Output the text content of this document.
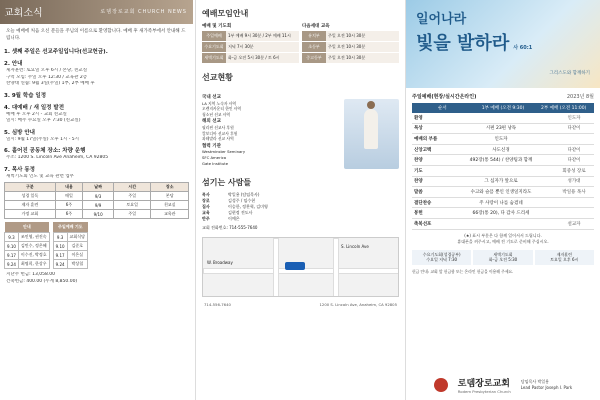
교회소식	로뎀장로교회 CHURCH NEWS
오늘 예배에 처음 오신 분들을 주님의 이름으로 환영합니다. 예배 후 새가족부에서 안내해 드립니다.
1. 셋째 주일은 선교주일입니다(선교헌금).
2. 안내
제자훈련: 토요일 오후 6시 / 본당, 친교실
구역 모임: 주일 오후 12:30 / 교육관 2층
찬양대 연습: 9월 3일(주일) 1부, 2부 예배 후
3. 9월 학습 일정
4. 대예배 / 새 일정 발전
예배 후 오후 2시 - 교회 친교실
일시: 매주 수요일 오후 7:30 (친교실)
5. 심방 안내
일시: 9월 17일(주일) 오후 1시 - 5시
6. 흩어진 공동체 장소: 차량 운행
주소: 1200 S. Lincoln Ave Anaheim, CA 92805
7. 목사 동정
새벽기도회 인도 및 교육 관련 업무
구분	내용	날짜	시간	장소
성경 일독	매일	9/3	주일	본당
제자 훈련	6주	9/9	토요일	친교실
가정 교회	6주	9/10	주일	교육관
안내	
9.3	조인영, 권진숙
9.10	김민수, 정은혜
9.17	이수진, 박정호
9.24	최명희, 한상우
주일예배 기도	
9.3	교회식당
9.10	김준호
9.17	이은실
9.24	박상철
지난주 헌금: 13,058.00
건축헌금: 400.00 (누계 8,850.00)
예배모임안내
예배 및 기도회
주일예배	1부 예배 9시 30분 / 2부 예배 11시
수요기도회	저녁 7시 30분
새벽기도회	화-금 오전 5시 30분 / 토 6시
다음세대 교육
유치부	주일 오전 10시 30분
초등부	주일 오전 10시 30분
중고등부	주일 오전 10시 30분
선교현황
국내 선교
LA 지역 노숙자 사역
오렌지카운티 한인 사역
청소년 선교 사역
해외 선교
필리핀 선교사 후원
캄보디아 선교사 후원
과테말라 선교 사역
협력 기관
Westminster Seminary
SFC America
Gate Institute
섬기는 사람들
목사	박일용 (담임목사)
장로	김성주 / 임수현
집사	이승한, 정찬혁, 김미영
교육	김현정 전도사
반주	이예은
교회 전화번호: 714-555-7640
W. Broadway
S. Lincoln Ave
714-556-7640	1200 S. Lincoln Ave, Anaheim, CA 92805
일어나라
빛을 발하라 사 60:1
그리스도와 함께하기
주일예배(현장/실시간온라인)	2023년 8월
순서	1부 예배 (오전 9:30)	2부 예배 (오전 11:00)
환영	인도자
묵상	시편 23편 낭독	다같이
예배의 부름	인도자
신앙고백	사도신경	다같이
찬양	492장(통 544) / 찬양팀과 함께	다같이
기도	회중성 장로
찬양	그 십자가 앞으로	성가대
말씀	수고와 슬픔 뿐인 인생일지라도	박일용 목사
결단찬송	주 사랑이 나를 숨겼네
봉헌	66장(통 20), 다 감사 드리세
축복선포	설교자
(★) 표시 부분은 다 함께 일어서서 드립니다.
휴대폰을 꺼주시고, 예배 전 기도로 준비해 주십시오.
수요기도회(성경공부)
수요일 저녁 7:30
새벽기도회
화-금 오전 5:30
제자훈련
토요일 오후 6시
헌금 안내: 교회 앞 헌금함 또는 온라인 헌금을 이용해 주세요.
로뎀장로교회
Rodem Presbyterian Church
담임목사 박일용
Lead Pastor Joseph I. Park
